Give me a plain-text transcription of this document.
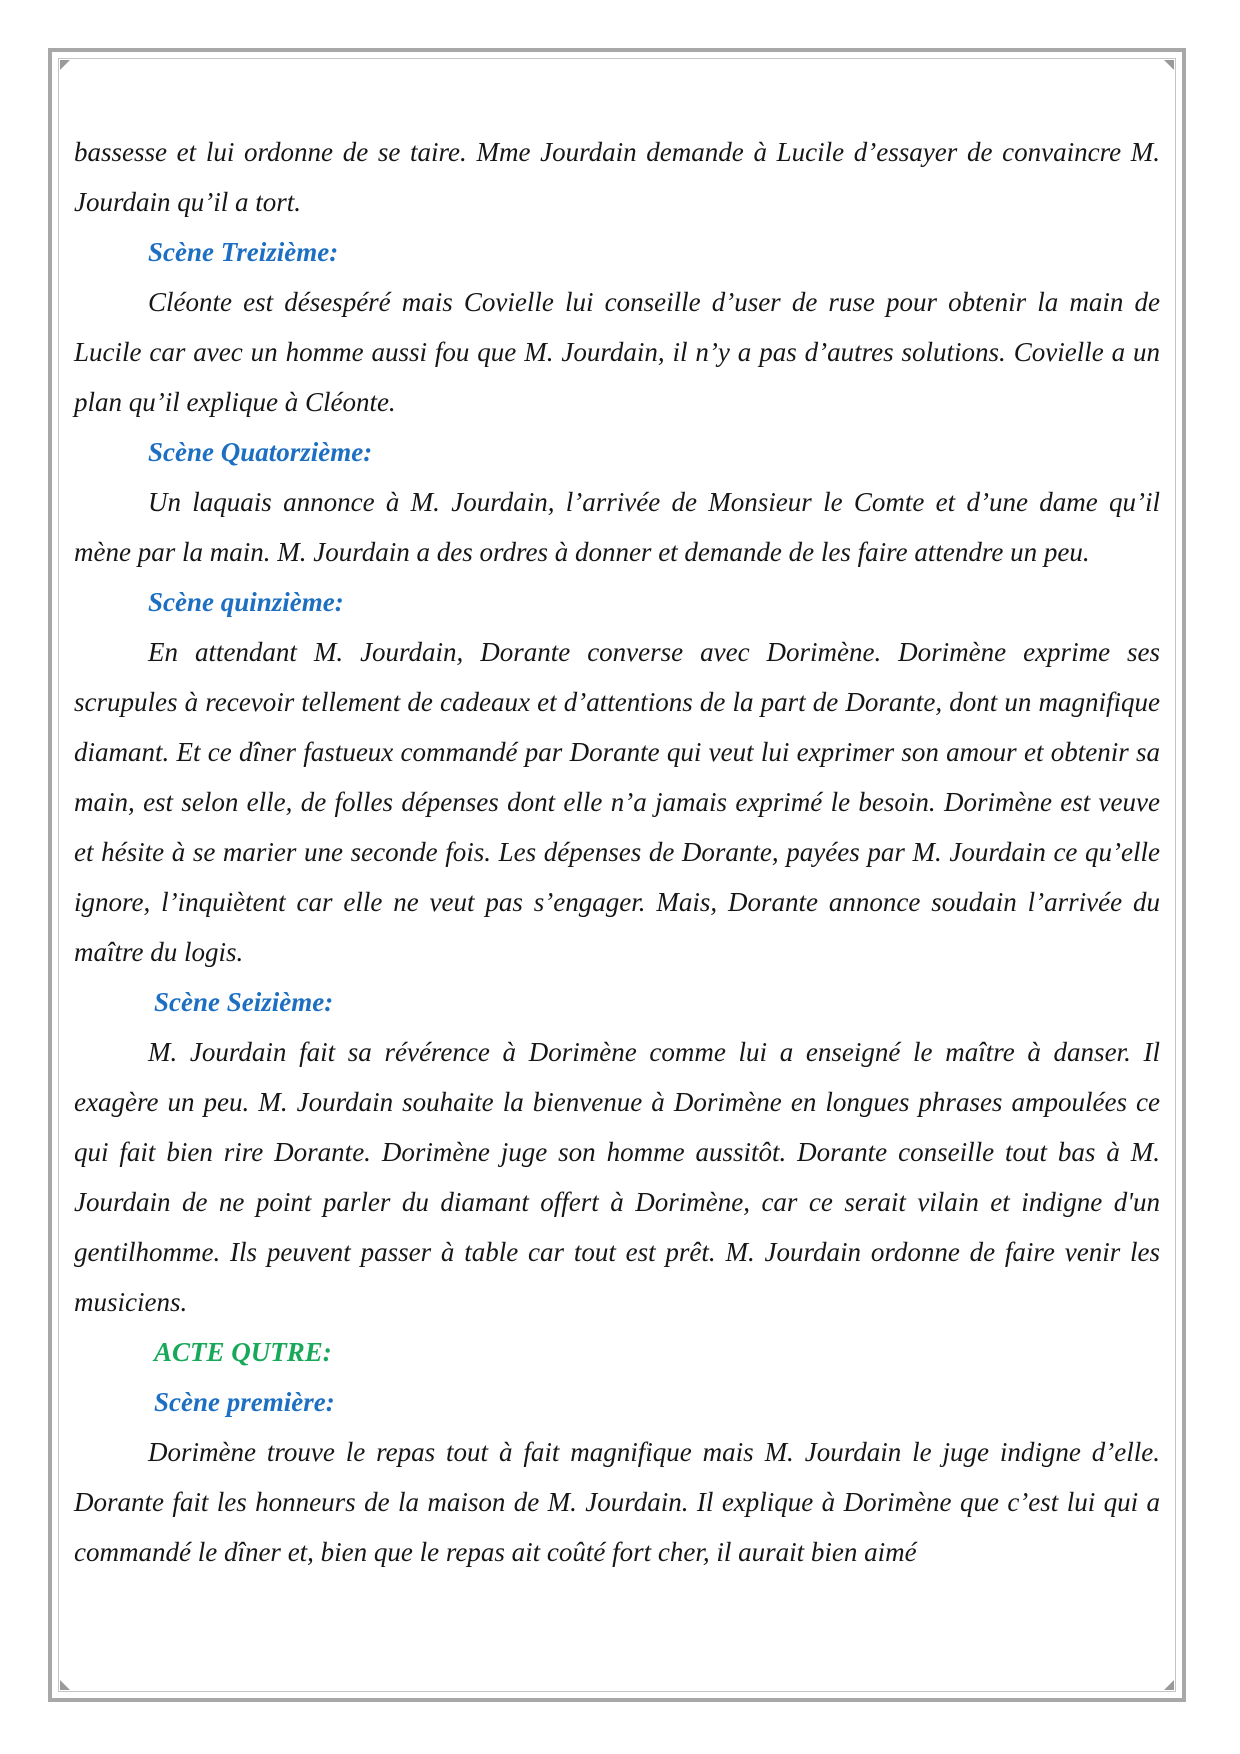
bassesse et lui ordonne de se taire. Mme Jourdain demande à Lucile d’essayer de convaincre M. Jourdain qu’il a tort.

Scène Treizième:

Cléonte est désespéré mais Covielle lui conseille d’user de ruse pour obtenir la main de Lucile car avec un homme aussi fou que M. Jourdain, il n’y a pas d’autres solutions. Covielle a un plan qu’il explique à Cléonte.

Scène Quatorzième:

Un laquais annonce à M. Jourdain, l’arrivée de Monsieur le Comte et d’une dame qu’il mène par la main. M. Jourdain a des ordres à donner et demande de les faire attendre un peu.

Scène quinzième:

En attendant M. Jourdain, Dorante converse avec Dorimène. Dorimène exprime ses scrupules à recevoir tellement de cadeaux et d’attentions de la part de Dorante, dont un magnifique diamant. Et ce dîner fastueux commandé par Dorante qui veut lui exprimer son amour et obtenir sa main, est selon elle, de folles dépenses dont elle n’a jamais exprimé le besoin. Dorimène est veuve et hésite à se marier une seconde fois. Les dépenses de Dorante, payées par M. Jourdain ce qu’elle ignore, l’inquiètent car elle ne veut pas s’engager. Mais, Dorante annonce soudain l’arrivée du maître du logis.

Scène Seizième:

M. Jourdain fait sa révérence à Dorimène comme lui a enseigné le maître à danser. Il exagère un peu. M. Jourdain souhaite la bienvenue à Dorimène en longues phrases ampoulées ce qui fait bien rire Dorante. Dorimène juge son homme aussitôt. Dorante conseille tout bas à M. Jourdain de ne point parler du diamant offert à Dorimène, car ce serait vilain et indigne d'un gentilhomme. Ils peuvent passer à table car tout est prêt. M. Jourdain ordonne de faire venir les musiciens.

ACTE QUTRE:
Scène première:

Dorimène trouve le repas tout à fait magnifique mais M. Jourdain le juge indigne d’elle. Dorante fait les honneurs de la maison de M. Jourdain. Il explique à Dorimène que c’est lui qui a commandé le dîner et, bien que le repas ait coûté fort cher, il aurait bien aimé
